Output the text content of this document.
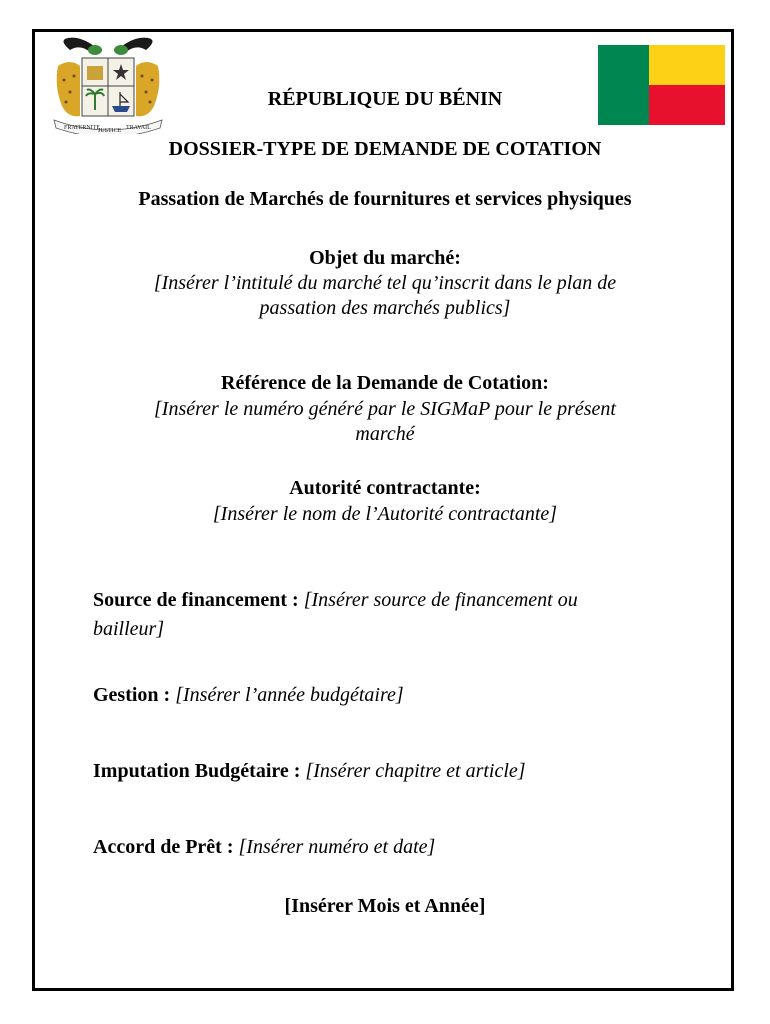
FRATERNITE
JUSTICE TRAVAIL
RÉPUBLIQUE DU BÉNIN
DOSSIER-TYPE DE DEMANDE DE COTATION
Passation de Marchés de fournitures et services physiques
Objet du marché:
[Insérer l’intitulé du marché tel qu’inscrit dans le plan de
passation des marchés publics]
Référence de la Demande de Cotation:
[Insérer le numéro généré par le SIGMaP pour le présent
marché
Autorité contractante:
[Insérer le nom de l’Autorité contractante]
Source de financement : [Insérer source de financement ou
bailleur]
Gestion : [Insérer l’année budgétaire]
Imputation Budgétaire : [Insérer chapitre et article]
Accord de Prêt : [Insérer numéro et date]
[Insérer Mois et Année]
